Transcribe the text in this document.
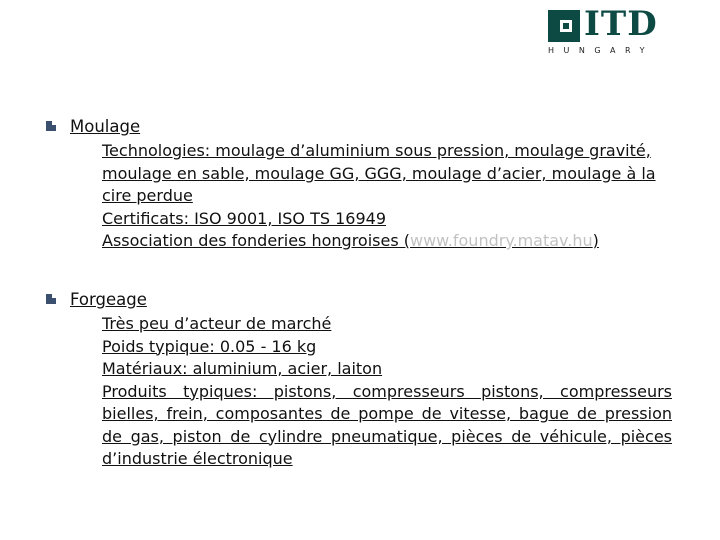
ITD
HUNGARY
Moulage
Technologies: moulage d’aluminium sous pression, moulage gravité, moulage en sable, moulage GG, GGG, moulage d’acier, moulage à la cire perdue
Certificats: ISO 9001, ISO TS 16949
Association des fonderies hongroises (www.foundry.matav.hu)
Forgeage
Très peu d’acteur de marché
Poids typique: 0.05 - 16 kg
Matériaux: aluminium, acier, laiton
Produits typiques: pistons, compresseurs pistons, compresseurs bielles, frein, composantes de pompe de vitesse, bague de pression de gas, piston de cylindre pneumatique, pièces de véhicule, pièces d’industrie électronique
